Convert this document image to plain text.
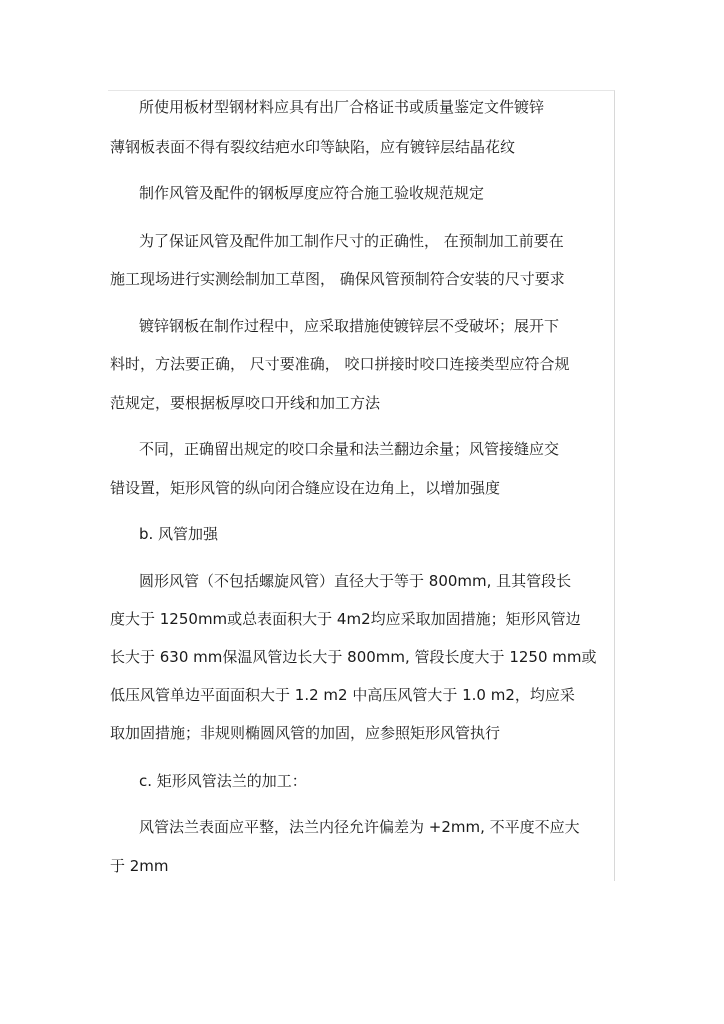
所使用板材型钢材料应具有出厂合格证书或质量鉴定文件镀锌
薄钢板表面不得有裂纹结疤水印等缺陷，应有镀锌层结晶花纹
制作风管及配件的钢板厚度应符合施工验收规范规定
为了保证风管及配件加工制作尺寸的正确性， 在预制加工前要在
施工现场进行实测绘制加工草图， 确保风管预制符合安装的尺寸要求
镀锌钢板在制作过程中，应采取措施使镀锌层不受破坏；展开下
料时，方法要正确， 尺寸要准确， 咬口拼接时咬口连接类型应符合规
范规定，要根据板厚咬口开线和加工方法
不同，正确留出规定的咬口余量和法兰翻边余量；风管接缝应交
错设置，矩形风管的纵向闭合缝应设在边角上，以增加强度
b. 风管加强
圆形风管（不包括螺旋风管）直径大于等于 800mm, 且其管段长
度大于 1250mm或总表面积大于 4m2均应采取加固措施；矩形风管边
长大于 630 mm保温风管边长大于 800mm, 管段长度大于 1250 mm或
低压风管单边平面面积大于 1.2 m2 中高压风管大于 1.0 m2，均应采
取加固措施；非规则椭圆风管的加固，应参照矩形风管执行
c. 矩形风管法兰的加工：
风管法兰表面应平整，法兰内径允许偏差为 +2mm, 不平度不应大
于 2mm
